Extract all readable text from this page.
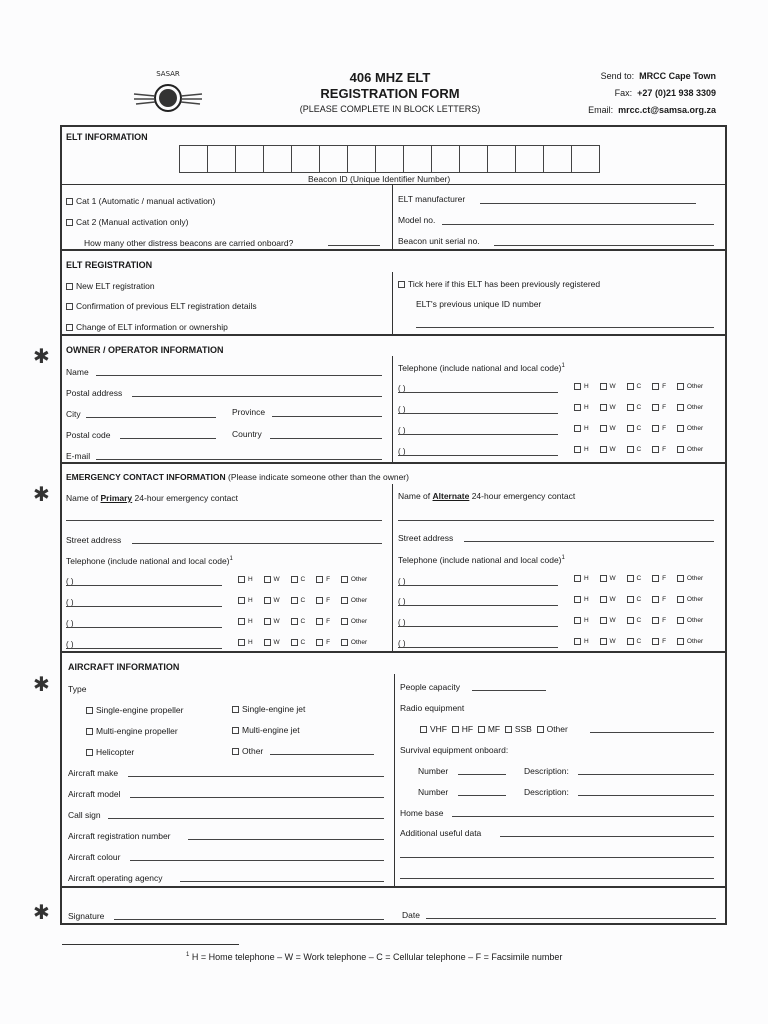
SASAR	406 MHZ ELT
REGISTRATION FORM
(PLEASE COMPLETE IN BLOCK LETTERS)
Send to: MRCC Cape Town
Fax: +27 (0)21 938 3309
Email: mrcc.ct@samsa.org.za
✱
✱
✱
✱
ELT INFORMATION
Beacon ID (Unique Identifier Number)
Cat 1 (Automatic / manual activation)
Cat 2 (Manual activation only)
How many other distress beacons are carried onboard?
ELT manufacturer
Model no.
Beacon unit serial no.
ELT REGISTRATION
New ELT registration
Confirmation of previous ELT registration details
Change of ELT information or ownership
Tick here if this ELT has been previously registered
ELT's previous unique ID number
OWNER / OPERATOR INFORMATION
Name
Postal address
City	Province
Postal code	Country
E-mail
Telephone (include national and local code)$^1$
( )	H	W	C	F	Other
( )	H	W	C	F	Other
( )	H	W	C	F	Other
( )	H	W	C	F	Other
EMERGENCY CONTACT INFORMATION (Please indicate someone other than the owner)
Name of Primary 24-hour emergency contact
Street address
Telephone (include national and local code)$^1$
Name of Alternate 24-hour emergency contact
Street address
Telephone (include national and local code)$^1$
( )	H	W	C	F	Other
( )	H	W	C	F	Other
( )	H	W	C	F	Other
( )	H	W	C	F	Other
( )	H	W	C	F	Other
( )	H	W	C	F	Other
( )	H	W	C	F	Other
( )	H	W	C	F	Other
AIRCRAFT INFORMATION
Type
Single-engine propeller	Single-engine jet
Multi-engine propeller	Multi-engine jet
Helicopter	Other
Aircraft make
Aircraft model
Call sign
Aircraft registration number
Aircraft colour
Aircraft operating agency
People capacity
Radio equipment
VHF HF MF SSB Other
Survival equipment onboard:
Number	Description:
Number	Description:
Home base
Additional useful data
Signature	Date
$^1$ H = Home telephone – W = Work telephone – C = Cellular telephone – F = Facsimile number
